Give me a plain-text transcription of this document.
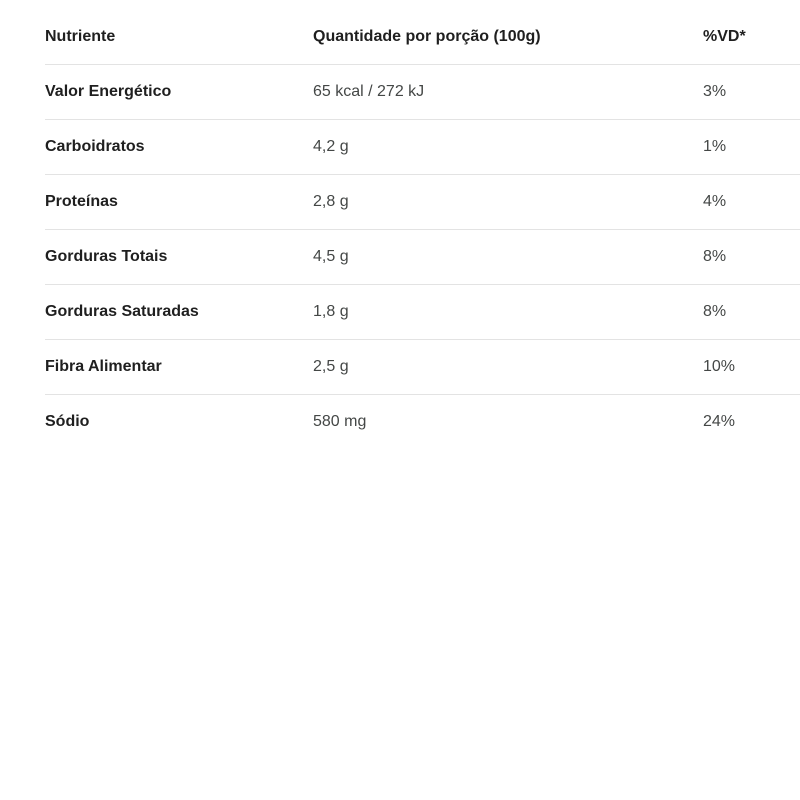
Nutriente	Quantidade por porção (100g)	%VD*
Valor Energético	65 kcal / 272 kJ	3%
Carboidratos	4,2 g	1%
Proteínas	2,8 g	4%
Gorduras Totais	4,5 g	8%
Gorduras Saturadas	1,8 g	8%
Fibra Alimentar	2,5 g	10%
Sódio	580 mg	24%
